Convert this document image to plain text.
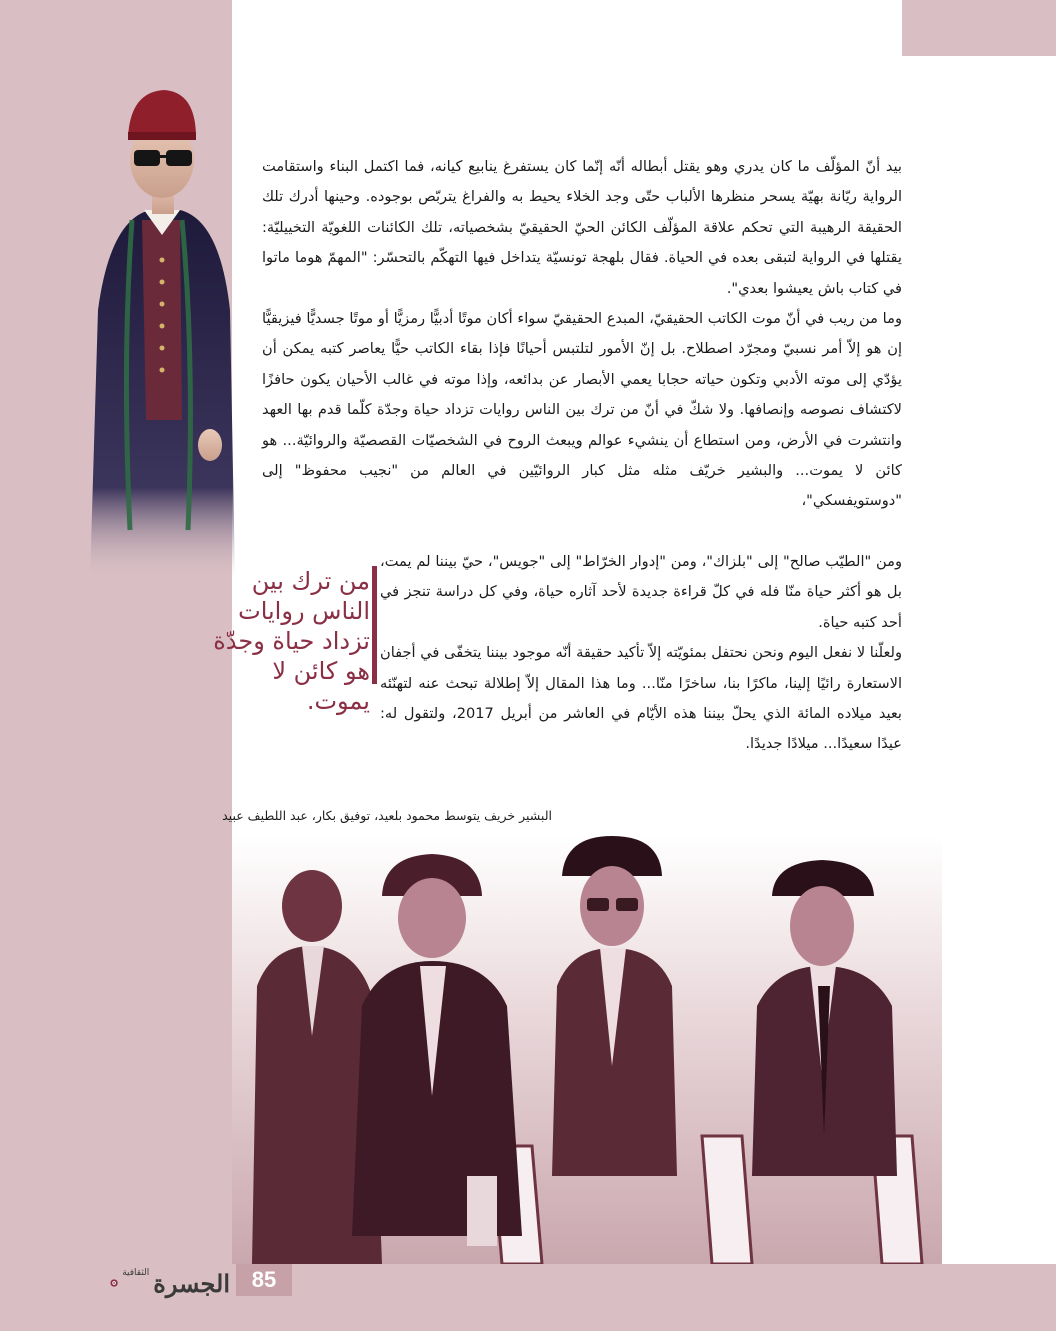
بيد أنّ المؤلّف ما كان يدري وهو يقتل أبطاله أنّه إنّما كان يستفرغ ينابيع كيانه، فما اكتمل البناء واستقامت الرواية ريّانة بهيّة يسحر منظرها الألباب حتّى وجد الخلاء يحيط به والفراغ يتربّص بوجوده. وحينها أدرك تلك الحقيقة الرهيبة التي تحكم علاقة المؤلّف الكائن الحيّ الحقيقيّ بشخصياته، تلك الكائنات اللغويّة التخييليّة: يقتلها في الرواية لتبقى بعده في الحياة. فقال بلهجة تونسيّة يتداخل فيها التهكّم بالتحسّر: "المهمّ هوما ماتوا في كتاب باش يعيشوا بعدي".

وما من ريب في أنّ موت الكاتب الحقيقيّ، المبدع الحقيقيّ سواء أكان موتًا أدبيًّا رمزيًّا أو موتًا جسديًّا فيزيقيًّا إن هو إلاّ أمر نسبيّ ومجرّد اصطلاح. بل إنّ الأمور لتلتبس أحيانًا فإذا بقاء الكاتب حيًّا يعاصر كتبه يمكن أن يؤدّي إلى موته الأدبي وتكون حياته حجابا يعمي الأبصار عن بدائعه، وإذا موته في غالب الأحيان يكون حافزًا لاكتشاف نصوصه وإنصافها. ولا شكّ في أنّ من ترك بين الناس روايات تزداد حياة وجدّة كلّما قدم بها العهد وانتشرت في الأرض، ومن استطاع أن ينشيء عوالم ويبعث الروح في الشخصيّات القصصيّة والروائيّة... هو كائن لا يموت... والبشير خريّف مثله مثل كبار الروائيّين في العالم من "نجيب محفوظ" إلى "دوستويفسكي"،

ومن "الطيّب صالح" إلى "بلزاك"، ومن "إدوار الخرّاط" إلى "جويس"، حيّ بيننا لم يمت، بل هو أكثر حياة منّا فله في كلّ قراءة جديدة لأحد آثاره حياة، وفي كل دراسة تنجز في أحد كتبه حياة.

ولعلّنا لا نفعل اليوم ونحن نحتفل بمئويّته إلاّ تأكيد حقيقة أنّه موجود بيننا يتخفّى في أجفان الاستعارة رائيًا إلينا، ماكرًا بنا، ساخرًا منّا... وما هذا المقال إلاّ إطلالة تبحث عنه لتهنّئه بعيد ميلاده المائة الذي يحلّ بيننا هذه الأيّام في العاشر من أبريل 2017، ولتقول له: عيدًا سعيدًا... ميلادًا جديدًا.

من ترك بين
الناس روايات
تزداد حياة وجدّة
هو كائن لا يموت.
البشير خريف يتوسط محمود بلعيد، توفيق بكار، عبد اللطيف عبيد
85
الجسرة
الثقافية
